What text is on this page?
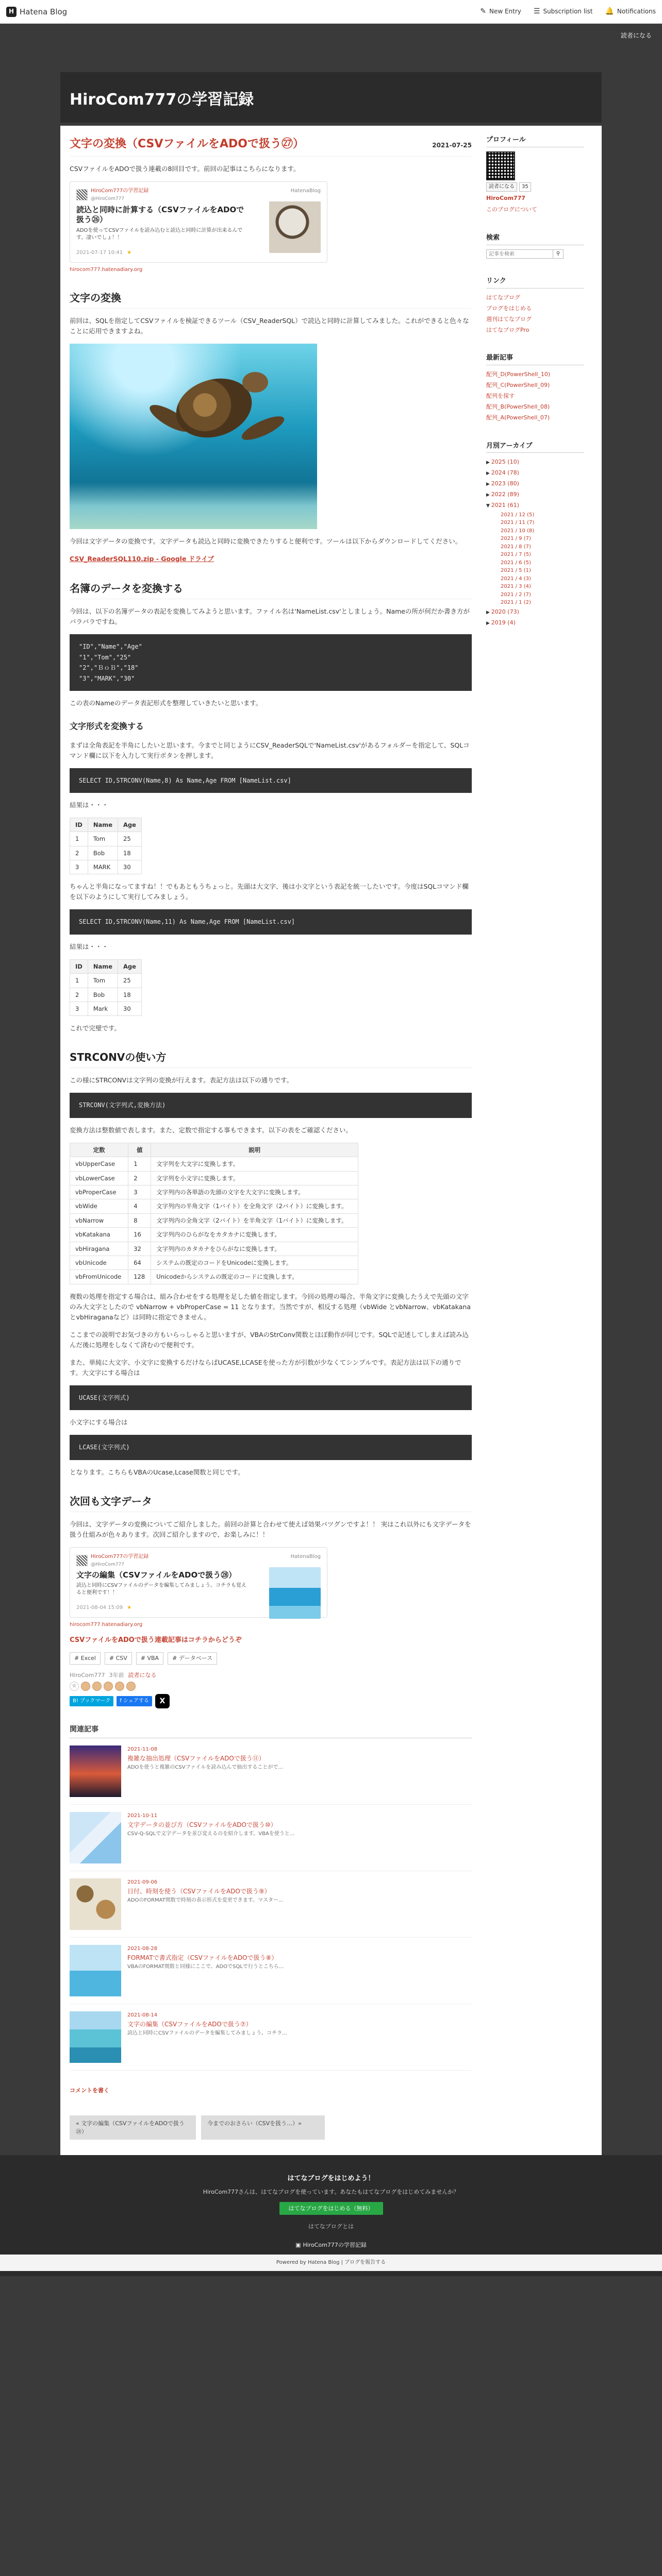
H Hatena Blog	✎ New Entry ☰ Subscription list 🔔 Notifications
読者になる
HiroCom777の学習記録
文字の変換（CSVファイルをADOで扱う㉗）	2021-07-25

CSVファイルをADOで扱う連載の8回目です。前回の記事はこちらになります。

HiroCom777の学習記録
@HiroCom777
HatenaBlog
読込と同時に計算する（CSVファイルをADOで扱う㉖）
ADOを使ってCSVファイルを読み込むと読込と同時に計算が出来るんです。凄いでしょ！！
2021-07-17 10:41 ★
hirocom777.hatenadiary.org
文字の変換

前回は、SQLを指定してCSVファイルを検証できるツール（CSV_ReaderSQL）で読込と同時に計算してみました。これができると色々なことに応用できますよね。

今回は文字データの変換です。文字データも読込と同時に変換できたりすると便利です。ツールは以下からダウンロードしてください。

CSV_ReaderSQL110.zip - Google ドライブ
名簿のデータを変換する

今回は、以下の名簿データの表記を変換してみようと思います。ファイル名は'NameList.csv'としましょう。Nameの所が何だか書き方がバラバラですね。

"ID","Name","Age"
"1","Tom","25"
"2","ＢｏＢ","18"
"3","MARK","30"

この表のNameのデータ表記形式を整理していきたいと思います。

文字形式を変換する

まずは全角表記を半角にしたいと思います。今までと同じようにCSV_ReaderSQLで'NameList.csv'があるフォルダーを指定して、SQLコマンド欄に以下を入力して実行ボタンを押します。

SELECT ID,STRCONV(Name,8) As Name,Age FROM [NameList.csv]

結果は・・・

ID	Name	Age
1	Tom	25
2	Bob	18
3	MARK	30

ちゃんと半角になってますね！！でもあともうちょっと。先頭は大文字、後は小文字という表記を統一したいです。今度はSQLコマンド欄を以下のようにして実行してみましょう。

SELECT ID,STRCONV(Name,11) As Name,Age FROM [NameList.csv]

結果は・・・

ID	Name	Age
1	Tom	25
2	Bob	18
3	Mark	30

これで完璧です。

STRCONVの使い方

この様にSTRCONVは文字列の変換が行えます。表記方法は以下の通りです。

STRCONV(文字列式,変換方法)

変換方法は整数値で表します。また、定数で指定する事もできます。以下の表をご確認ください。

定数	値	説明
vbUpperCase	1	文字列を大文字に変換します。
vbLowerCase	2	文字列を小文字に変換します。
vbProperCase	3	文字列内の各単語の先頭の文字を大文字に変換します。
vbWide	4	文字列内の半角文字（1バイト）を全角文字（2バイト）に変換します。
vbNarrow	8	文字列内の全角文字（2バイト）を半角文字（1バイト）に変換します。
vbKatakana	16	文字列内のひらがなをカタカナに変換します。
vbHiragana	32	文字列内のカタカナをひらがなに変換します。
vbUnicode	64	システムの既定のコードをUnicodeに変換します。
vbFromUnicode	128	Unicodeからシステムの既定のコードに変換します。

複数の処理を指定する場合は、組み合わせをする処理を足した値を指定します。今回の処理の場合、半角文字に変換したうえで先頭の文字のみ大文字としたので vbNarrow + vbProperCase = 11 となります。当然ですが、相反する処理（vbWide とvbNarrow、vbKatakanaとvbHiraganaなど）は同時に指定できません。

ここまでの説明でお気づきの方もいらっしゃると思いますが、VBAのStrConv関数とほぼ動作が同じです。SQLで記述してしまえば読み込んだ後に処理をしなくて済むので便利です。

また、単純に大文字、小文字に変換するだけならばUCASE,LCASEを使った方が引数が少なくてシンプルです。表記方法は以下の通りです。大文字にする場合は

UCASE(文字列式)

小文字にする場合は

LCASE(文字列式)

となります。こちらもVBAのUcase,Lcase関数と同じです。

次回も文字データ

今回は、文字データの変換についてご紹介しました。前回の計算と合わせて使えば効果バツグンですよ！！ 実はこれ以外にも文字データを扱う仕組みが色々あります。次回ご紹介しますので、お楽しみに！！

HiroCom777の学習記録
@HiroCom777
HatenaBlog
文字の編集（CSVファイルをADOで扱う㉘）
読込と同時にCSVファイルのデータを編集してみましょう。コチラも覚えると便利です！！
2021-08-04 15:09 ★
hirocom777.hatenadiary.org
CSVファイルをADOで扱う連載記事はコチラからどうぞ
# Excel	# CSV	# VBA	# データベース
HiroCom777 3年前 読者になる
☆
B! ブックマーク	f シェアする	X
関連記事
2021-11-08
複雑な抽出処理（CSVファイルをADOで扱う⑪）
ADOを使うと複雑のCSVファイルを読み込んで抽出することがで...
2021-10-11
文字データの並び方（CSVファイルをADOで扱う⑩）
CSV-Q-SQLで文字データを並び変えるのを紹介します。VBAを使うと...
2021-09-06
日付、時刻を使う（CSVファイルをADOで扱う⑨）
ADOのFORMAT関数で時刻の表示形式を変更できます。マスター...
2021-08-28
FORMATで書式指定（CSVファイルをADOで扱う⑧）
VBAのFORMAT関数と同様にここで、ADOでSQLで行うとこちら...
2021-08-14
文字の編集（CSVファイルをADOで扱う⑦）
読込と同時にCSVファイルのデータを編集してみましょう。コチラ...
コメントを書く
« 文字の編集（CSVファイルをADOで扱う㉘）
今までのおさらい（CSVを扱う…）»
プロフィール
読者になる	35
HiroCom777
このブログについて
検索
記事を検索
⚲
リンク
はてなブログ
ブログをはじめる
週刊はてなブログ
はてなブログPro
最新記事
配列_D(PowerShell_10)
配列_C(PowerShell_09)
配列を探す
配列_B(PowerShell_08)
配列_A(PowerShell_07)
月別アーカイブ
▶ 2025 (10)
▶ 2024 (78)
▶ 2023 (80)
▶ 2022 (89)
▼ 2021 (61)
2021 / 12 (5)
2021 / 11 (7)
2021 / 10 (8)
2021 / 9 (7)
2021 / 8 (7)
2021 / 7 (5)
2021 / 6 (5)
2021 / 5 (1)
2021 / 4 (3)
2021 / 3 (4)
2021 / 2 (7)
2021 / 1 (2)
▶ 2020 (73)
▶ 2019 (4)
はてなブログをはじめよう！
HiroCom777さんは、はてなブログを使っています。あなたもはてなブログをはじめてみませんか？
はてなブログをはじめる（無料）
はてなブログとは
▣ HiroCom777の学習記録
Powered by Hatena Blog | ブログを報告する
